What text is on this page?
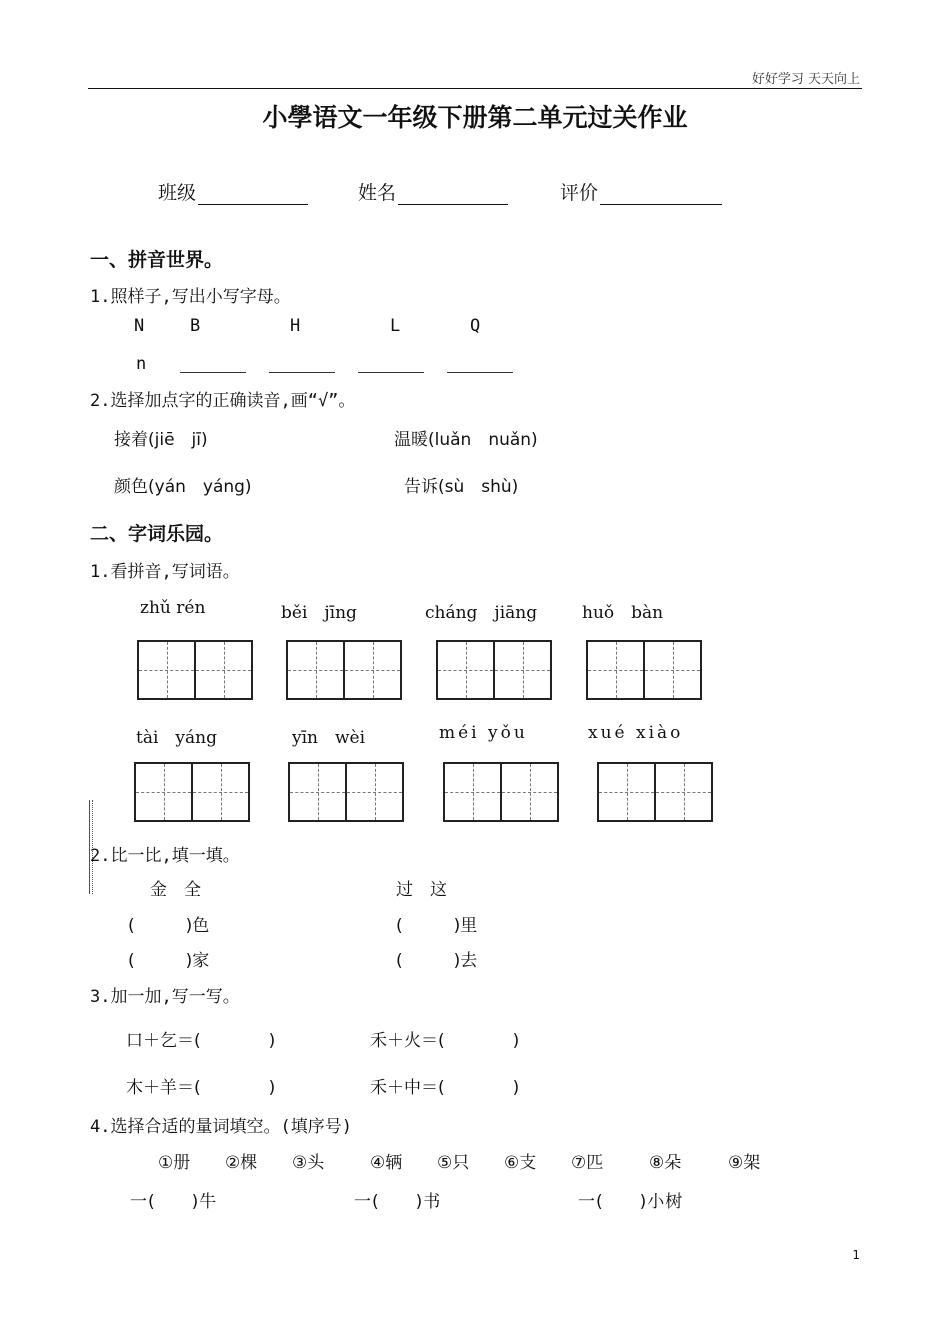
好好学习 天天向上
小學语文一年级下册第二单元过关作业
班级	姓名	评价
一、拼音世界。
1.照样子,写出小写字母。
N	B	H	L	Q
n
2.选择加点字的正确读音,画“√”。
接着(jiē　jī)	温暖(luǎn　nuǎn)
颜色(yán　yáng)	告诉(sù　shù)
二、字词乐园。
1.看拼音,写词语。
zhǔ rén	běi　jīng	cháng　jiāng	huǒ　bàn
tài　yáng	yīn　wèi	méi yǒu	xué xiào
2.比一比,填一填。
金　全	过　这
(　　　)色	(　　　)里
(　　　)家	(　　　)去
3.加一加,写一写。
口＋乞＝(　　　　)	禾＋火＝(　　　　)
木＋羊＝(　　　　)	禾＋中＝(　　　　)
4.选择合适的量词填空。(填序号)
①册 ②棵 ③头	④辆 ⑤只 ⑥支 ⑦匹	⑧朵	⑨架
一(　　)牛	一(　　)书	一(　　)小树
1
